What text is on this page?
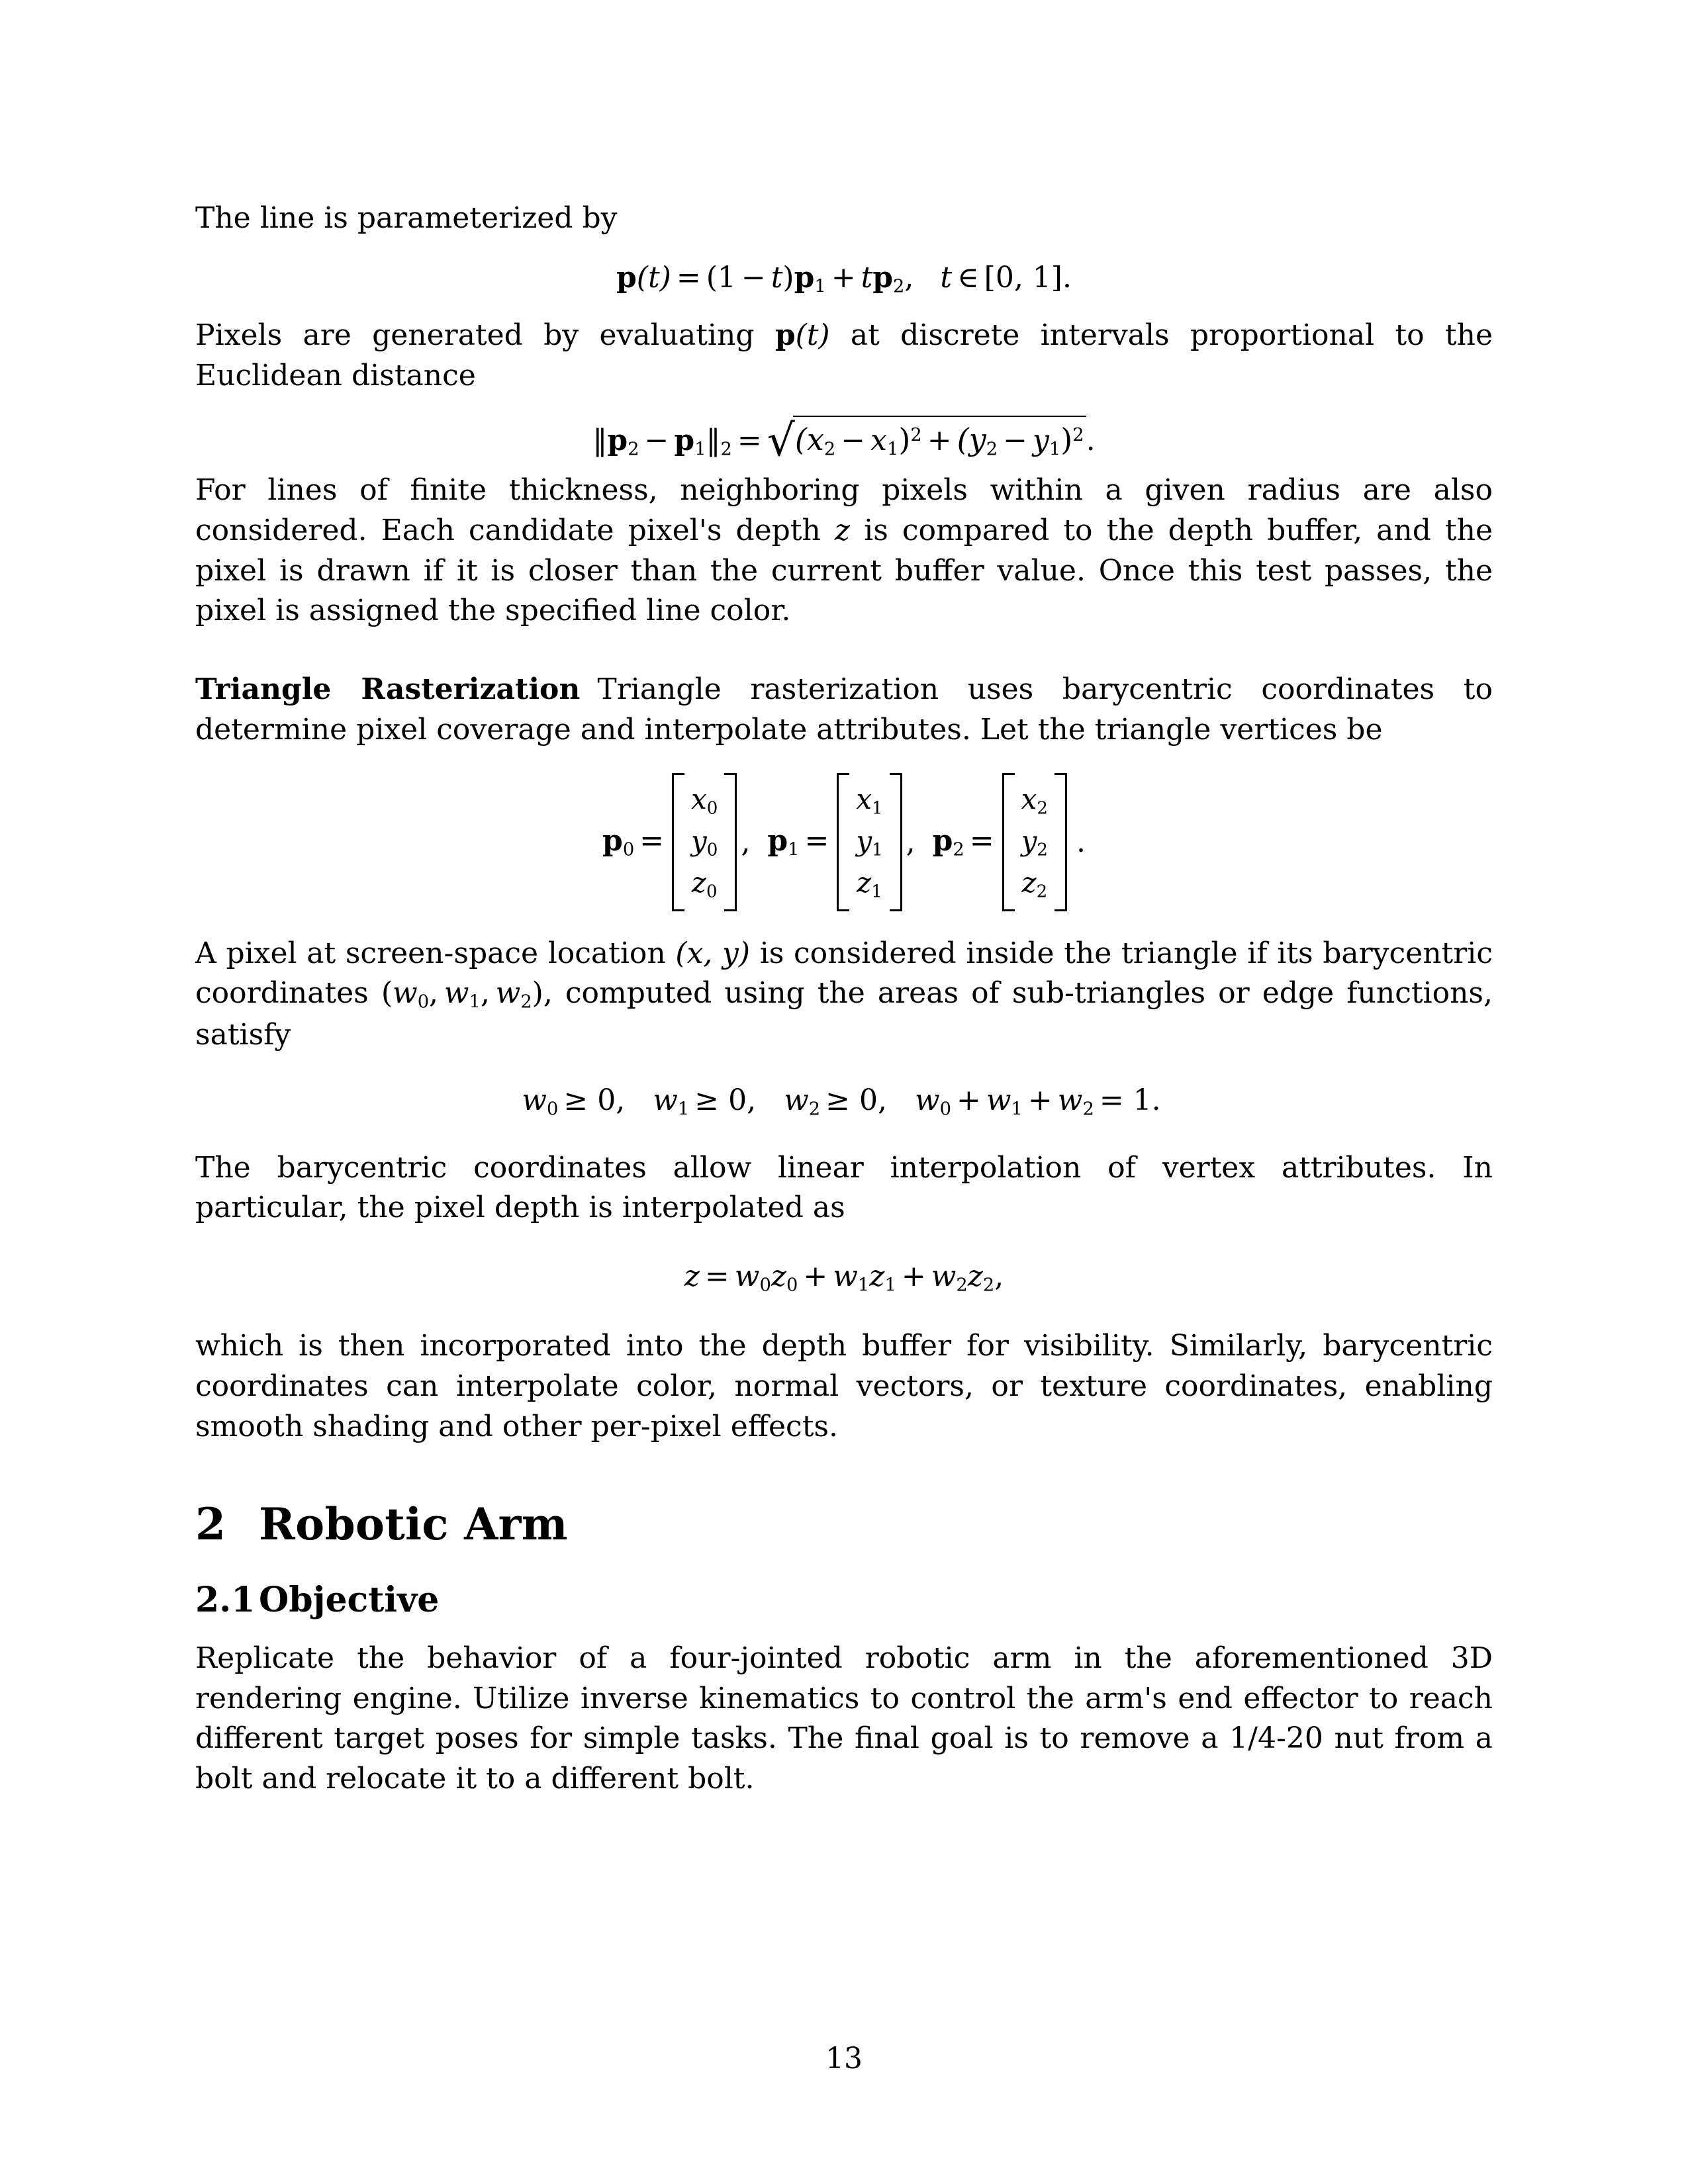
The line is parameterized by

$p(t) = (1 - t)p_1 + tp_2$, t ∈ [0, 1].

Pixels are generated by evaluating p(t) at discrete intervals proportional to the Euclidean distance

$‖p_2$ − $p_1‖_2 = √(x_2 - x_1)^2 + (y_2 - y_1)^2$.

For lines of finite thickness, neighboring pixels within a given radius are also considered. Each candidate pixel's depth z is compared to the depth buffer, and the pixel is drawn if it is closer than the current buffer value. Once this test passes, the pixel is assigned the specified line color.

Triangle Rasterization Triangle rasterization uses barycentric coordinates to determine pixel coverage and interpolate attributes. Let the triangle vertices be

$p_0$ =
$x_0$
$y_0$
$z_0$
, $p_1$ =
$x_1$
$y_1$
$z_1$
, $p_2$ =
$x_2$
$y_2$
$z_2$
.

A pixel at screen-space location (x, y) is considered inside the triangle if its barycentric coordinates ($w_0$, $w_1$, $w_2$), computed using the areas of sub-triangles or edge functions, satisfy

$w_0 \ge 0$, $w_1 \ge 0$, $w_2 \ge 0$, $w_0 + w_1 + w_2 = 1$.

The barycentric coordinates allow linear interpolation of vertex attributes. In particular, the pixel depth is interpolated as

$z = w_0z_0 + w_1z_1 + w_2z_2$,

which is then incorporated into the depth buffer for visibility. Similarly, barycentric coordinates can interpolate color, normal vectors, or texture coordinates, enabling smooth shading and other per-pixel effects.

2 Robotic Arm
2.1 Objective

Replicate the behavior of a four-jointed robotic arm in the aforementioned 3D rendering engine. Utilize inverse kinematics to control the arm's end effector to reach different target poses for simple tasks. The final goal is to remove a 1/4-20 nut from a bolt and relocate it to a different bolt.

13
